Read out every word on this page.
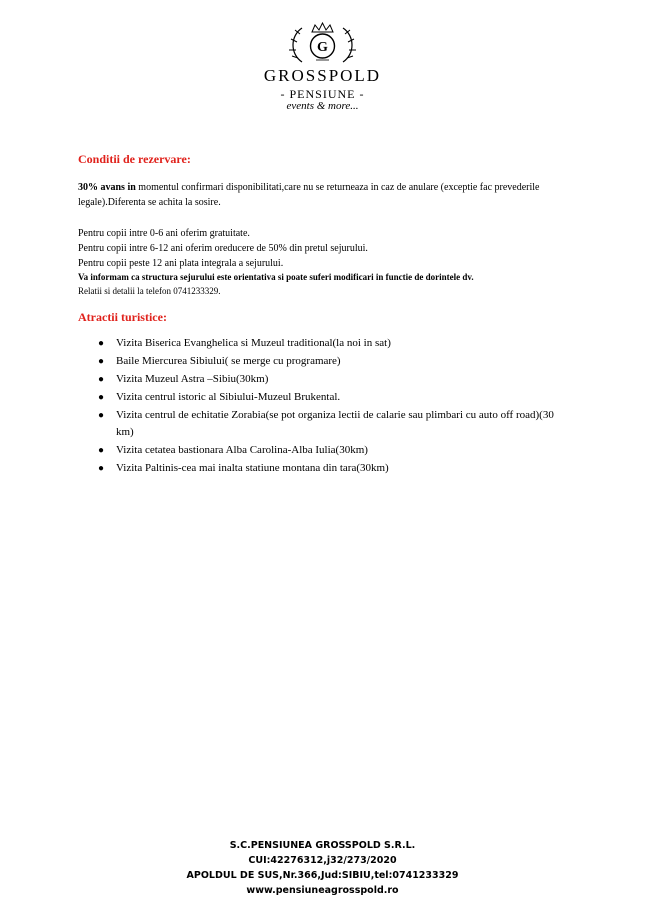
G
GROSSPOLD
- PENSIUNE -
events & more...
Conditii de rezervare:
30% avans in momentul confirmari disponibilitati,care nu se returneaza in caz de anulare (exceptie fac prevederile legale).Diferenta se achita la sosire.
Pentru copii intre 0-6 ani oferim gratuitate.
Pentru copii intre 6-12 ani oferim oreducere de 50% din pretul sejurului.
Pentru copii peste 12 ani plata integrala a sejurului.
Va informam ca structura sejurului este orientativa si poate suferi modificari in functie de dorintele dv.
Relatii si detalii la telefon 0741233329.
Atractii turistice:
● Vizita Biserica Evanghelica si Muzeul traditional(la noi in sat)
● Baile Miercurea Sibiului( se merge cu programare)
● Vizita Muzeul Astra –Sibiu(30km)
● Vizita centrul istoric al Sibiului-Muzeul Brukental.
● Vizita centrul de echitatie Zorabia(se pot organiza lectii de calarie sau plimbari cu auto off road)(30 km)
● Vizita cetatea bastionara Alba Carolina-Alba Iulia(30km)
● Vizita Paltinis-cea mai inalta statiune montana din tara(30km)
S.C.PENSIUNEA GROSSPOLD S.R.L.
CUI:42276312,j32/273/2020
APOLDUL DE SUS,Nr.366,Jud:SIBIU,tel:0741233329
www.pensiuneagrosspold.ro
